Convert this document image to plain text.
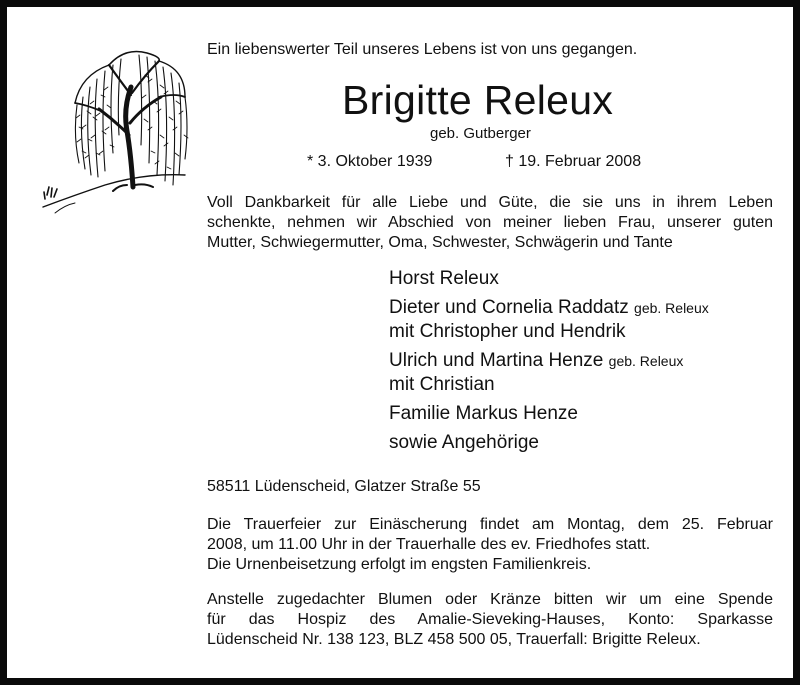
Ein liebenswerter Teil unseres Lebens ist von uns gegangen.
Brigitte Releux
geb. Gutberger
* 3. Oktober 1939	† 19. Februar 2008
Voll Dankbarkeit für alle Liebe und Güte, die sie uns in ihrem Leben
schenkte, nehmen wir Abschied von meiner lieben Frau, unserer guten
Mutter, Schwiegermutter, Oma, Schwester, Schwägerin und Tante
Horst Releux
Dieter und Cornelia Raddatz geb. Releux
mit Christopher und Hendrik
Ulrich und Martina Henze geb. Releux
mit Christian
Familie Markus Henze
sowie Angehörige
58511 Lüdenscheid, Glatzer Straße 55
Die Trauerfeier zur Einäscherung findet am Montag, dem 25. Februar
2008, um 11.00 Uhr in der Trauerhalle des ev. Friedhofes statt.
Die Urnenbeisetzung erfolgt im engsten Familienkreis.
Anstelle zugedachter Blumen oder Kränze bitten wir um eine Spende
für das Hospiz des Amalie-Sieveking-Hauses, Konto: Sparkasse
Lüdenscheid Nr. 138 123, BLZ 458 500 05, Trauerfall: Brigitte Releux.
